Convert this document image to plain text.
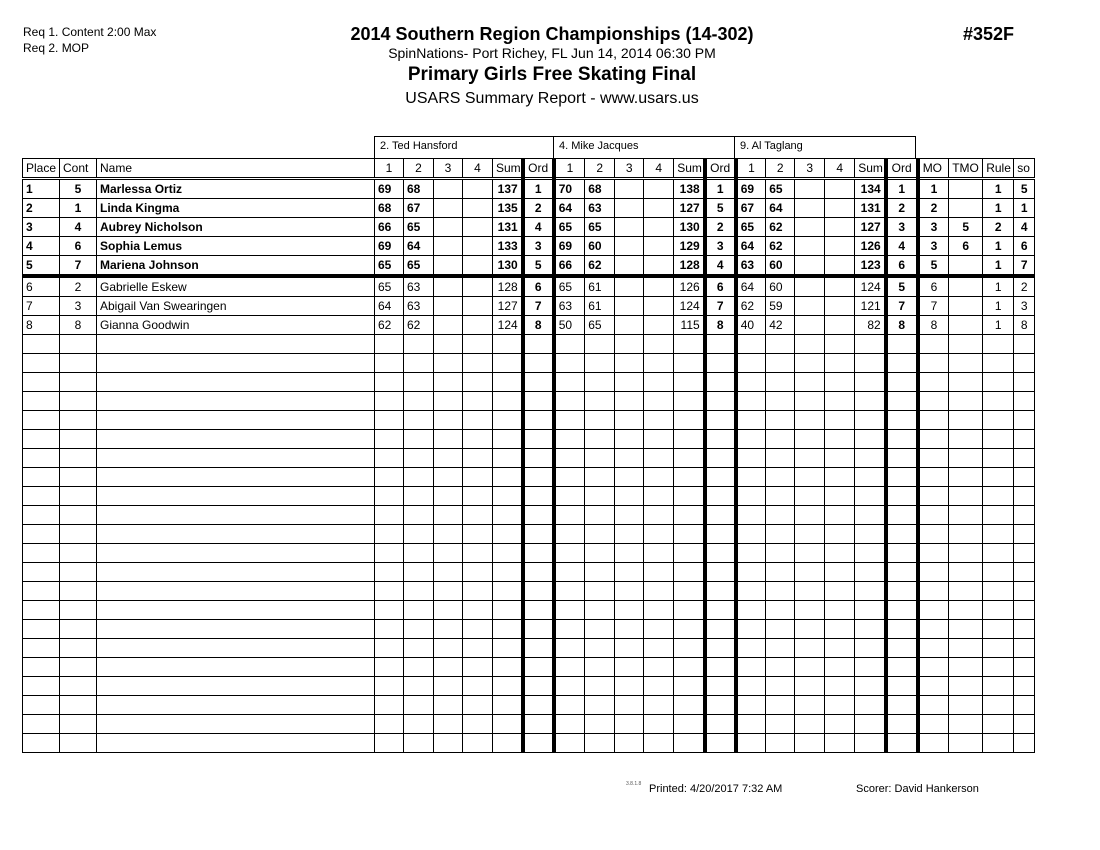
Req 1. Content 2:00 Max
Req 2. MOP
2014 Southern Region Championships (14-302)
SpinNations- Port Richey, FL Jun 14, 2014 06:30 PM
Primary Girls Free Skating Final
USARS Summary Report - www.usars.us
#352F
2. Ted Hansford	4. Mike Jacques	9. Al Taglang
Place	Cont	Name	1	2	3	4	Sum	Ord	1	2	3	4	Sum	Ord	1	2	3	4	Sum	Ord	MO	TMO	Rule	so
1	5	Marlessa Ortiz	69	68			137	1	70	68			138	1	69	65			134	1	1		1	5
2	1	Linda Kingma	68	67			135	2	64	63			127	5	67	64			131	2	2		1	1
3	4	Aubrey Nicholson	66	65			131	4	65	65			130	2	65	62			127	3	3	5	2	4
4	6	Sophia Lemus	69	64			133	3	69	60			129	3	64	62			126	4	3	6	1	6
5	7	Mariena Johnson	65	65			130	5	66	62			128	4	63	60			123	6	5		1	7
6	2	Gabrielle Eskew	65	63			128	6	65	61			126	6	64	60			124	5	6		1	2
7	3	Abigail Van Swearingen	64	63			127	7	63	61			124	7	62	59			121	7	7		1	3
8	8	Gianna Goodwin	62	62			124	8	50	65			115	8	40	42			82	8	8		1	8

3.8.1.8 Printed: 4/20/2017 7:32 AM	Scorer: David Hankerson
